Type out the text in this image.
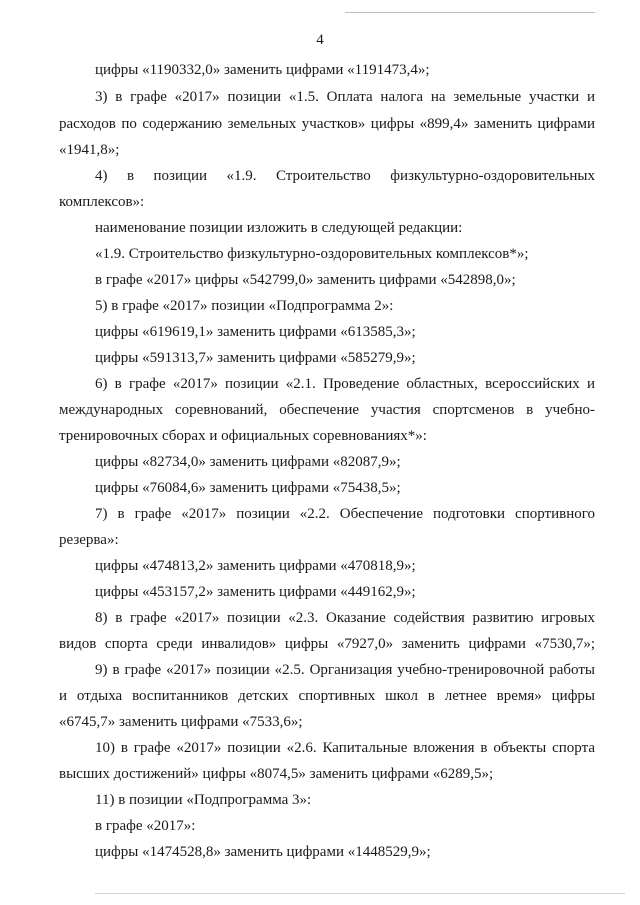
4
цифры «1190332,0» заменить цифрами «1191473,4»;
3) в графе «2017» позиции «1.5. Оплата налога на земельные участки и
расходов по содержанию земельных участков» цифры «899,4» заменить цифрами
«1941,8»;
4) в позиции «1.9. Строительство физкультурно-оздоровительных
комплексов»:
наименование позиции изложить в следующей редакции:
«1.9. Строительство физкультурно-оздоровительных комплексов*»;
в графе «2017» цифры «542799,0» заменить цифрами «542898,0»;
5) в графе «2017» позиции «Подпрограмма 2»:
цифры «619619,1» заменить цифрами «613585,3»;
цифры «591313,7» заменить цифрами «585279,9»;
6) в графе «2017» позиции «2.1. Проведение областных, всероссийских и
международных соревнований, обеспечение участия спортсменов в учебно-
тренировочных сборах и официальных соревнованиях*»:
цифры «82734,0» заменить цифрами «82087,9»;
цифры «76084,6» заменить цифрами «75438,5»;
7) в графе «2017» позиции «2.2. Обеспечение подготовки спортивного
резерва»:
цифры «474813,2» заменить цифрами «470818,9»;
цифры «453157,2» заменить цифрами «449162,9»;
8) в графе «2017» позиции «2.3. Оказание содействия развитию игровых
видов спорта среди инвалидов» цифры «7927,0» заменить цифрами «7530,7»;
9) в графе «2017» позиции «2.5. Организация учебно-тренировочной работы
и отдыха воспитанников детских спортивных школ в летнее время» цифры
«6745,7» заменить цифрами «7533,6»;
10) в графе «2017» позиции «2.6. Капитальные вложения в объекты спорта
высших достижений» цифры «8074,5» заменить цифрами «6289,5»;
11) в позиции «Подпрограмма 3»:
в графе «2017»:
цифры «1474528,8» заменить цифрами «1448529,9»;
